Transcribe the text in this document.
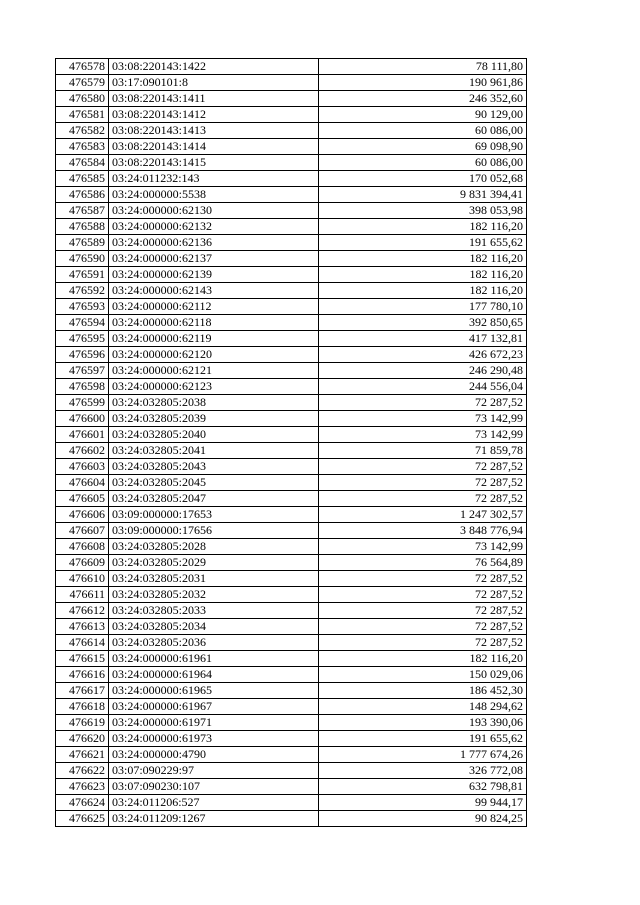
476578	03:08:220143:1422	78 111,80
476579	03:17:090101:8	190 961,86
476580	03:08:220143:1411	246 352,60
476581	03:08:220143:1412	90 129,00
476582	03:08:220143:1413	60 086,00
476583	03:08:220143:1414	69 098,90
476584	03:08:220143:1415	60 086,00
476585	03:24:011232:143	170 052,68
476586	03:24:000000:5538	9 831 394,41
476587	03:24:000000:62130	398 053,98
476588	03:24:000000:62132	182 116,20
476589	03:24:000000:62136	191 655,62
476590	03:24:000000:62137	182 116,20
476591	03:24:000000:62139	182 116,20
476592	03:24:000000:62143	182 116,20
476593	03:24:000000:62112	177 780,10
476594	03:24:000000:62118	392 850,65
476595	03:24:000000:62119	417 132,81
476596	03:24:000000:62120	426 672,23
476597	03:24:000000:62121	246 290,48
476598	03:24:000000:62123	244 556,04
476599	03:24:032805:2038	72 287,52
476600	03:24:032805:2039	73 142,99
476601	03:24:032805:2040	73 142,99
476602	03:24:032805:2041	71 859,78
476603	03:24:032805:2043	72 287,52
476604	03:24:032805:2045	72 287,52
476605	03:24:032805:2047	72 287,52
476606	03:09:000000:17653	1 247 302,57
476607	03:09:000000:17656	3 848 776,94
476608	03:24:032805:2028	73 142,99
476609	03:24:032805:2029	76 564,89
476610	03:24:032805:2031	72 287,52
476611	03:24:032805:2032	72 287,52
476612	03:24:032805:2033	72 287,52
476613	03:24:032805:2034	72 287,52
476614	03:24:032805:2036	72 287,52
476615	03:24:000000:61961	182 116,20
476616	03:24:000000:61964	150 029,06
476617	03:24:000000:61965	186 452,30
476618	03:24:000000:61967	148 294,62
476619	03:24:000000:61971	193 390,06
476620	03:24:000000:61973	191 655,62
476621	03:24:000000:4790	1 777 674,26
476622	03:07:090229:97	326 772,08
476623	03:07:090230:107	632 798,81
476624	03:24:011206:527	99 944,17
476625	03:24:011209:1267	90 824,25
